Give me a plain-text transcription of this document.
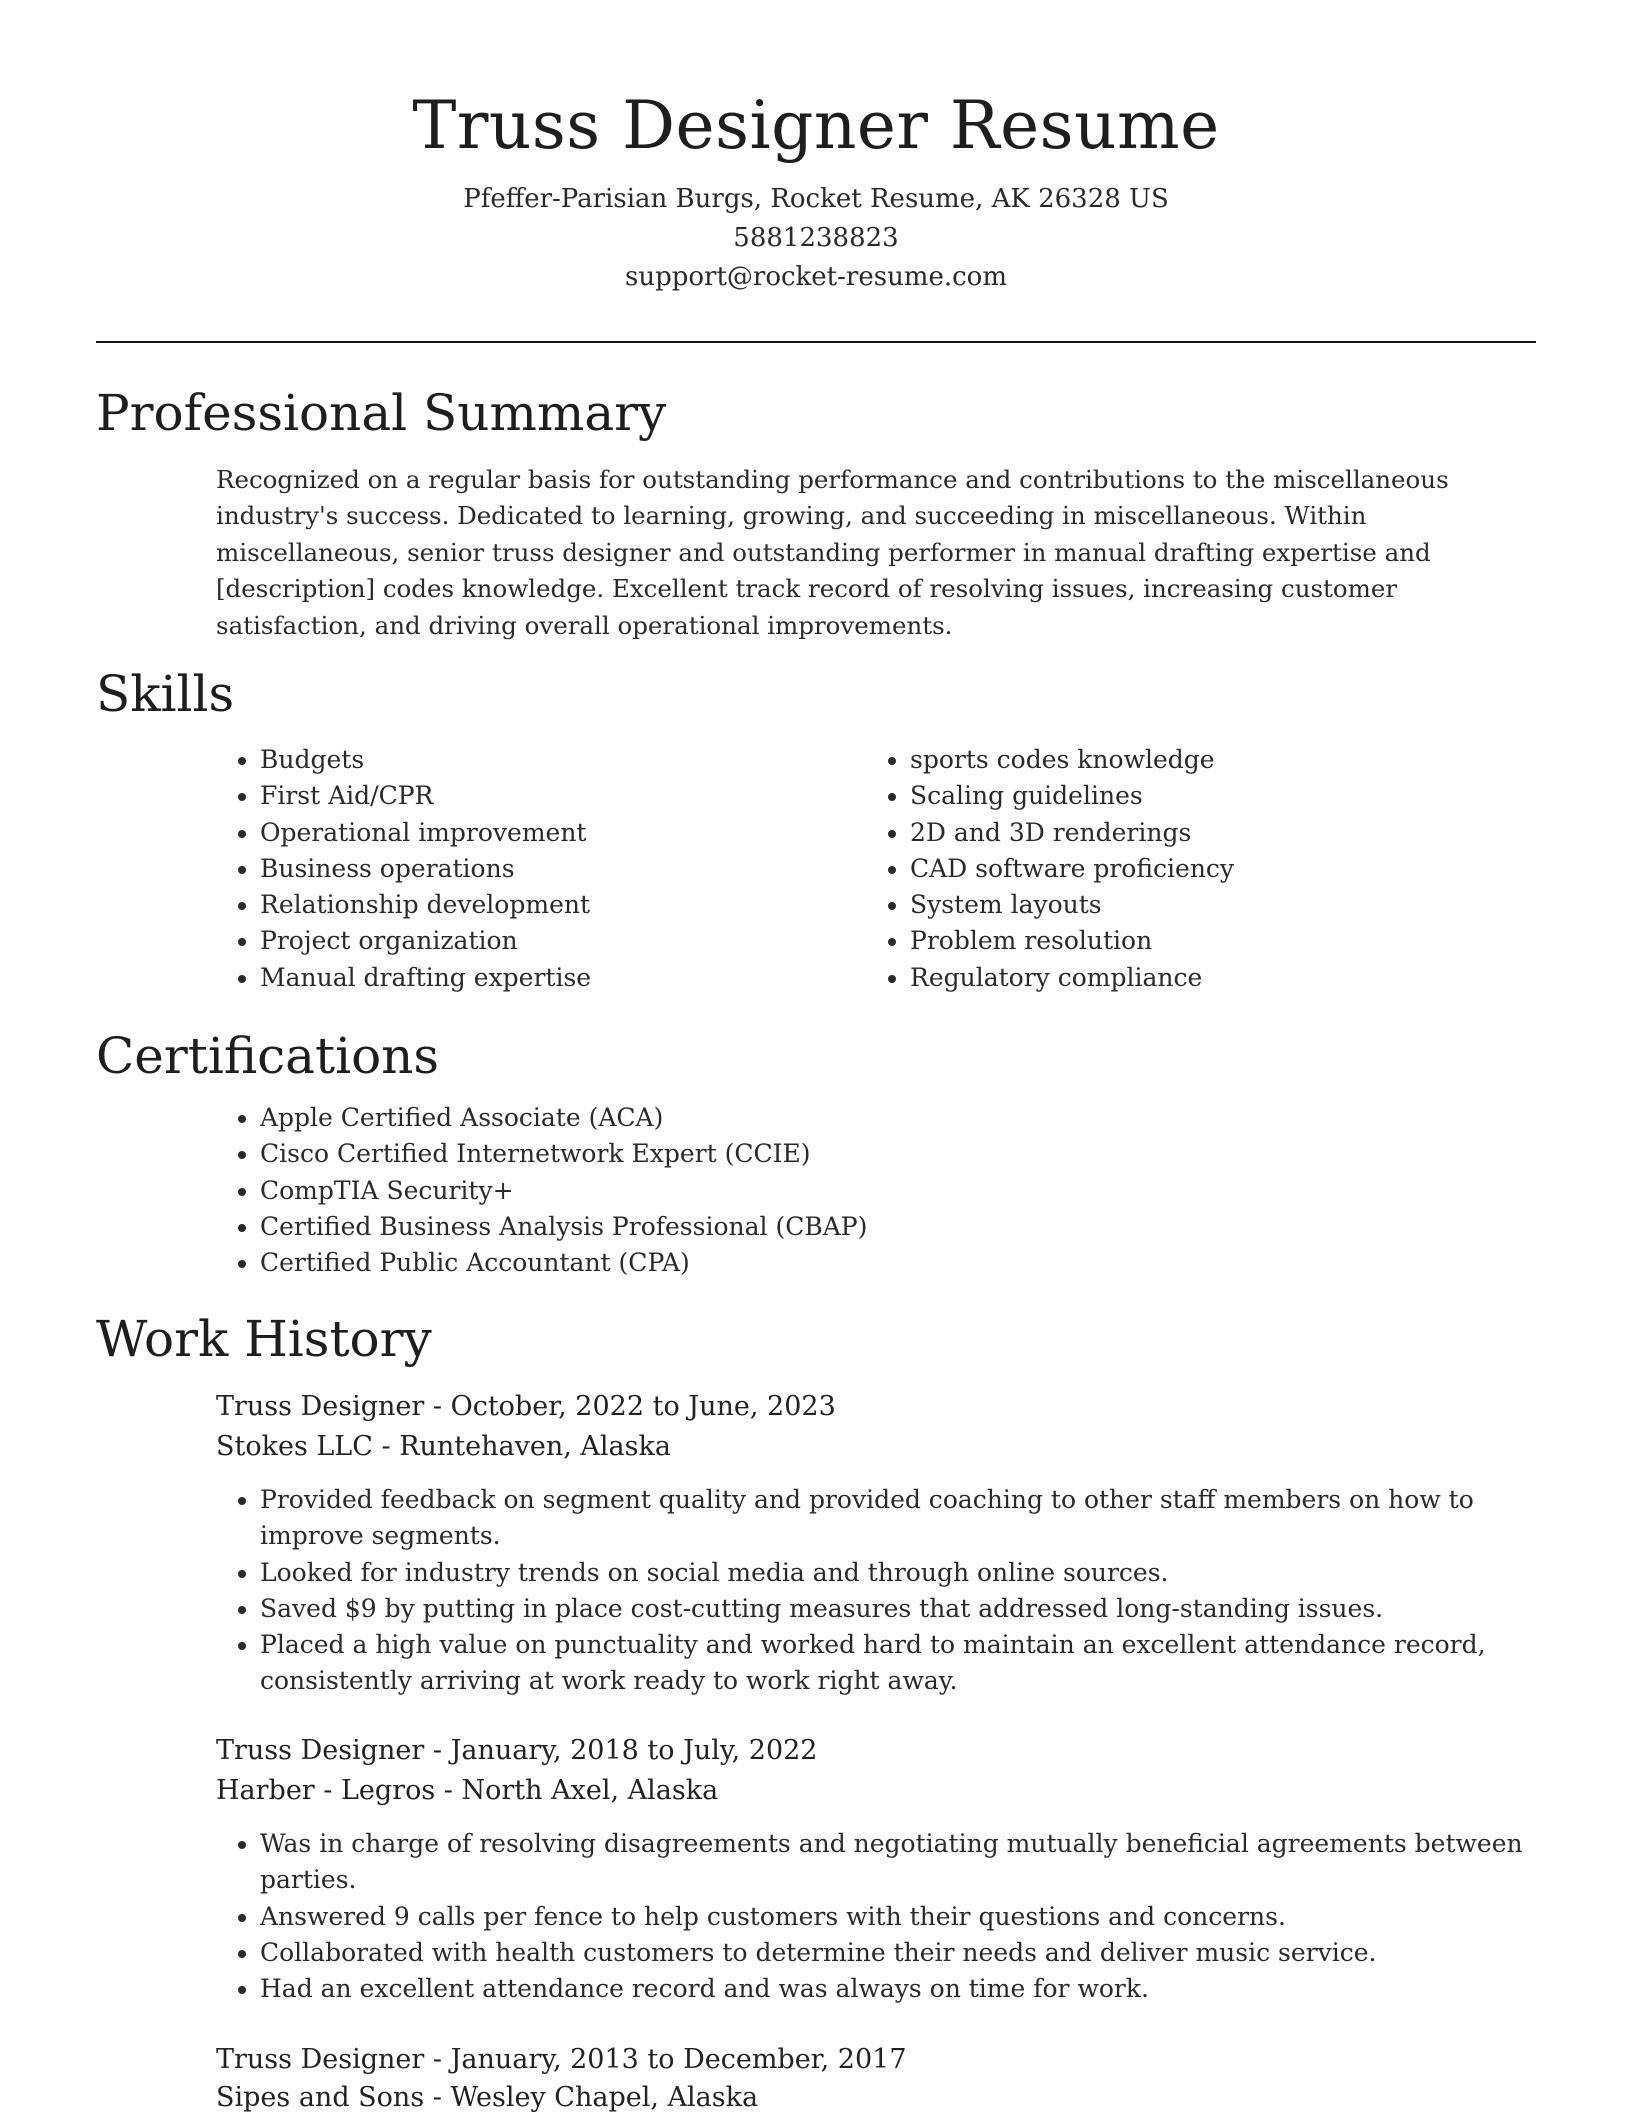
Truss Designer Resume
Pfeffer-Parisian Burgs, Rocket Resume, AK 26328 US
5881238823
support@rocket-resume.com
Professional Summary

Recognized on a regular basis for outstanding performance and contributions to the miscellaneous industry's success. Dedicated to learning, growing, and succeeding in miscellaneous. Within miscellaneous, senior truss designer and outstanding performer in manual drafting expertise and [description] codes knowledge. Excellent track record of resolving issues, increasing customer satisfaction, and driving overall operational improvements.

Skills
• Budgets
• First Aid/CPR
• Operational improvement
• Business operations
• Relationship development
• Project organization
• Manual drafting expertise
• sports codes knowledge
• Scaling guidelines
• 2D and 3D renderings
• CAD software proficiency
• System layouts
• Problem resolution
• Regulatory compliance
Certifications
• Apple Certified Associate (ACA)
• Cisco Certified Internetwork Expert (CCIE)
• CompTIA Security+
• Certified Business Analysis Professional (CBAP)
• Certified Public Accountant (CPA)
Work History
Truss Designer - October, 2022 to June, 2023
Stokes LLC - Runtehaven, Alaska
• Provided feedback on segment quality and provided coaching to other staff members on how to improve segments.
• Looked for industry trends on social media and through online sources.
• Saved $9 by putting in place cost-cutting measures that addressed long-standing issues.
• Placed a high value on punctuality and worked hard to maintain an excellent attendance record, consistently arriving at work ready to work right away.
Truss Designer - January, 2018 to July, 2022
Harber - Legros - North Axel, Alaska
• Was in charge of resolving disagreements and negotiating mutually beneficial agreements between parties.
• Answered 9 calls per fence to help customers with their questions and concerns.
• Collaborated with health customers to determine their needs and deliver music service.
• Had an excellent attendance record and was always on time for work.
Truss Designer - January, 2013 to December, 2017
Sipes and Sons - Wesley Chapel, Alaska
